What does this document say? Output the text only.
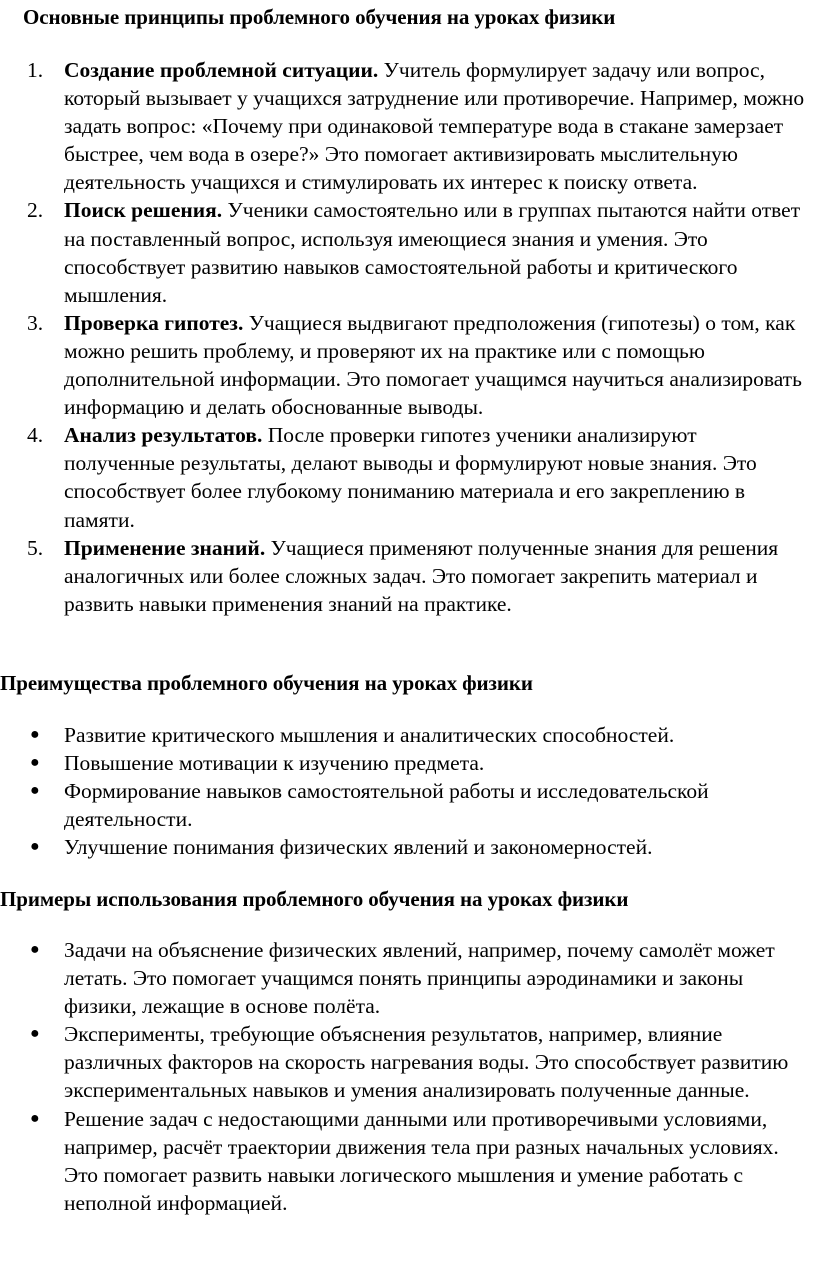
Основные принципы проблемного обучения на уроках физики
1. Создание проблемной ситуации. Учитель формулирует задачу или вопрос, который вызывает у учащихся затруднение или противоречие. Например, можно задать вопрос: «Почему при одинаковой температуре вода в стакане замерзает быстрее, чем вода в озере?» Это помогает активизировать мыслительную деятельность учащихся и стимулировать их интерес к поиску ответа.
2. Поиск решения. Ученики самостоятельно или в группах пытаются найти ответ на поставленный вопрос, используя имеющиеся знания и умения. Это способствует развитию навыков самостоятельной работы и критического мышления.
3. Проверка гипотез. Учащиеся выдвигают предположения (гипотезы) о том, как можно решить проблему, и проверяют их на практике или с помощью дополнительной информации. Это помогает учащимся научиться анализировать информацию и делать обоснованные выводы.
4. Анализ результатов. После проверки гипотез ученики анализируют полученные результаты, делают выводы и формулируют новые знания. Это способствует более глубокому пониманию материала и его закреплению в памяти.
5. Применение знаний. Учащиеся применяют полученные знания для решения аналогичных или более сложных задач. Это помогает закрепить материал и развить навыки применения знаний на практике.
Преимущества проблемного обучения на уроках физики
● Развитие критического мышления и аналитических способностей.
● Повышение мотивации к изучению предмета.
● Формирование навыков самостоятельной работы и исследовательской деятельности.
● Улучшение понимания физических явлений и закономерностей.
Примеры использования проблемного обучения на уроках физики
● Задачи на объяснение физических явлений, например, почему самолёт может летать. Это помогает учащимся понять принципы аэродинамики и законы физики, лежащие в основе полёта.
● Эксперименты, требующие объяснения результатов, например, влияние различных факторов на скорость нагревания воды. Это способствует развитию экспериментальных навыков и умения анализировать полученные данные.
● Решение задач с недостающими данными или противоречивыми условиями, например, расчёт траектории движения тела при разных начальных условиях. Это помогает развить навыки логического мышления и умение работать с неполной информацией.
